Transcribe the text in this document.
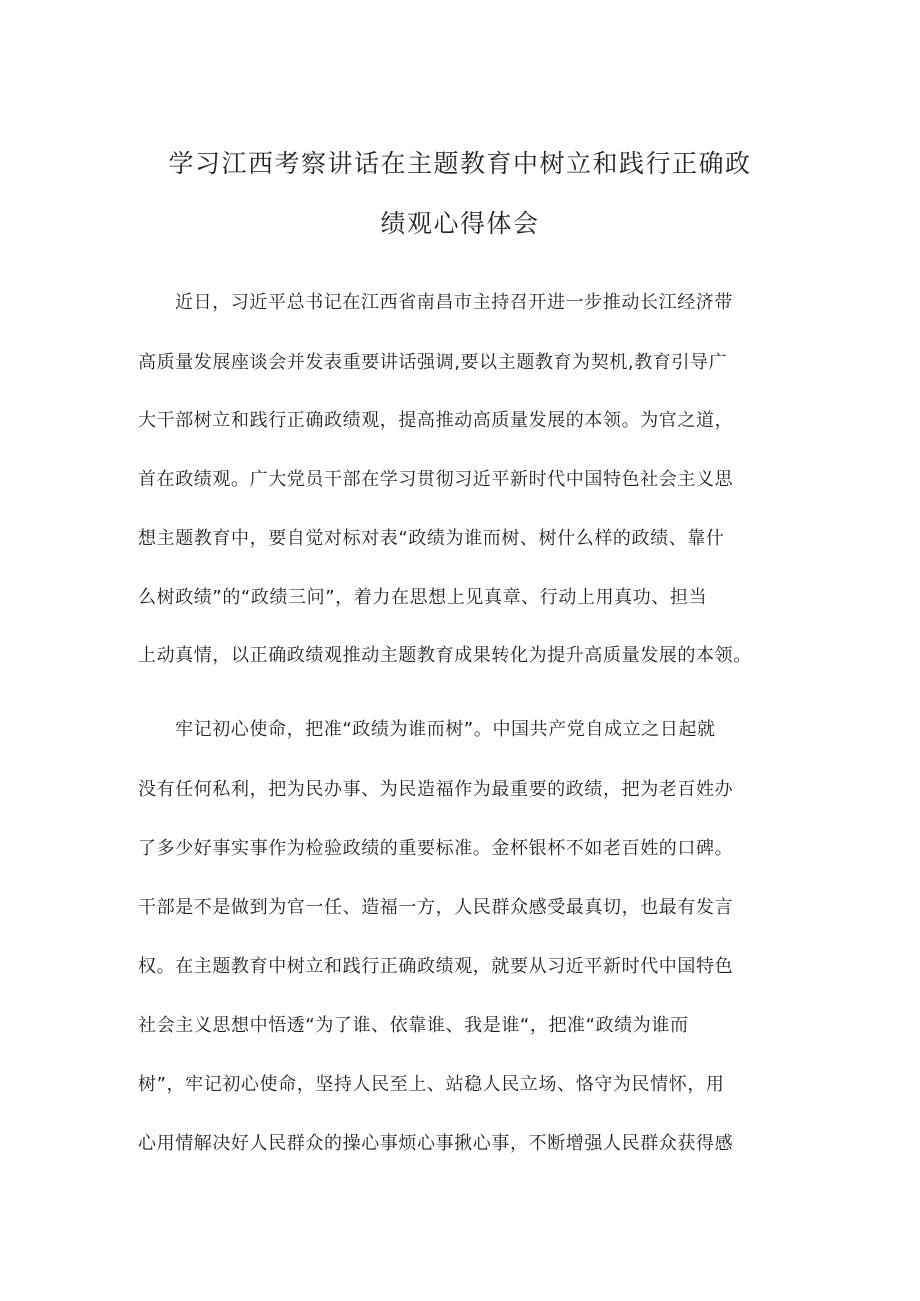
学习江西考察讲话在主题教育中树立和践行正确政
绩观心得体会
近日，习近平总书记在江西省南昌市主持召开进一步推动长江经济带
高质量发展座谈会并发表重要讲话强调,要以主题教育为契机,教育引导广
大干部树立和践行正确政绩观，提高推动高质量发展的本领。为官之道，
首在政绩观。广大党员干部在学习贯彻习近平新时代中国特色社会主义思
想主题教育中，要自觉对标对表“政绩为谁而树、树什么样的政绩、靠什
么树政绩”的“政绩三问”，着力在思想上见真章、行动上用真功、担当
上动真情，以正确政绩观推动主题教育成果转化为提升高质量发展的本领。
牢记初心使命，把准“政绩为谁而树”。中国共产党自成立之日起就
没有任何私利，把为民办事、为民造福作为最重要的政绩，把为老百姓办
了多少好事实事作为检验政绩的重要标准。金杯银杯不如老百姓的口碑。
干部是不是做到为官一任、造福一方，人民群众感受最真切，也最有发言
权。在主题教育中树立和践行正确政绩观，就要从习近平新时代中国特色
社会主义思想中悟透“为了谁、依靠谁、我是谁“，把准“政绩为谁而
树”，牢记初心使命，坚持人民至上、站稳人民立场、恪守为民情怀，用
心用情解决好人民群众的操心事烦心事揪心事，不断增强人民群众获得感
